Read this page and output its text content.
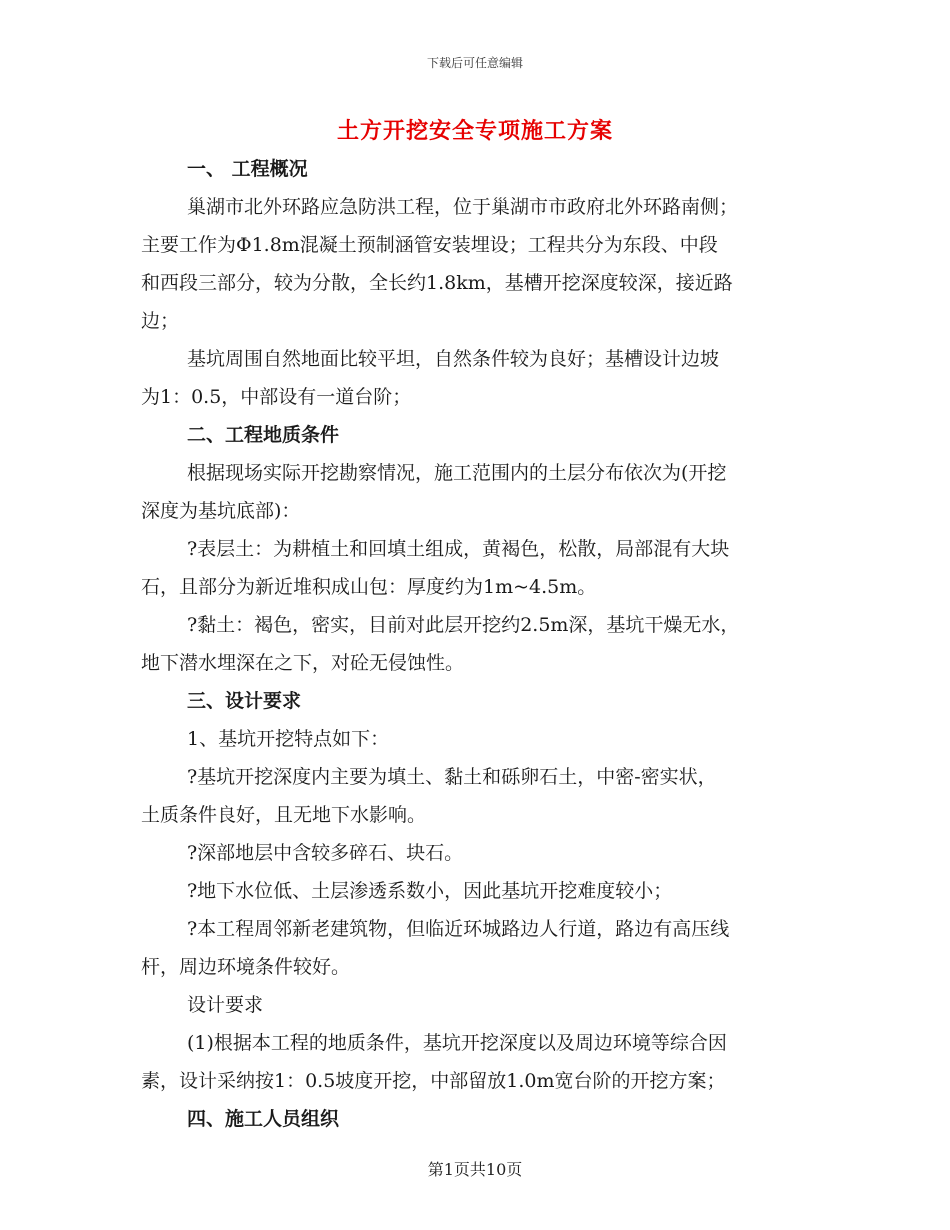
下载后可任意编辑
土方开挖安全专项施工方案
一、 工程概况
巢湖市北外环路应急防洪工程，位于巢湖市市政府北外环路南侧；
主要工作为Φ1.8m混凝土预制涵管安装埋设；工程共分为东段、中段
和西段三部分，较为分散，全长约1.8km，基槽开挖深度较深，接近路
边；
基坑周围自然地面比较平坦，自然条件较为良好；基槽设计边坡
为1：0.5，中部设有一道台阶；
二、工程地质条件
根据现场实际开挖勘察情况，施工范围内的土层分布依次为(开挖
深度为基坑底部)：
?表层土：为耕植土和回填土组成，黄褐色，松散，局部混有大块
石，且部分为新近堆积成山包：厚度约为1m~4.5m。
?黏土：褐色，密实，目前对此层开挖约2.5m深，基坑干燥无水，
地下潜水埋深在之下，对砼无侵蚀性。
三、设计要求
1、基坑开挖特点如下：
?基坑开挖深度内主要为填土、黏土和砾卵石土，中密-密实状，
土质条件良好，且无地下水影响。
?深部地层中含较多碎石、块石。
?地下水位低、土层渗透系数小，因此基坑开挖难度较小；
?本工程周邻新老建筑物，但临近环城路边人行道，路边有高压线
杆，周边环境条件较好。
设计要求
(1)根据本工程的地质条件，基坑开挖深度以及周边环境等综合因
素，设计采纳按1：0.5坡度开挖，中部留放1.0m宽台阶的开挖方案；
四、施工人员组织
第1页共10页
